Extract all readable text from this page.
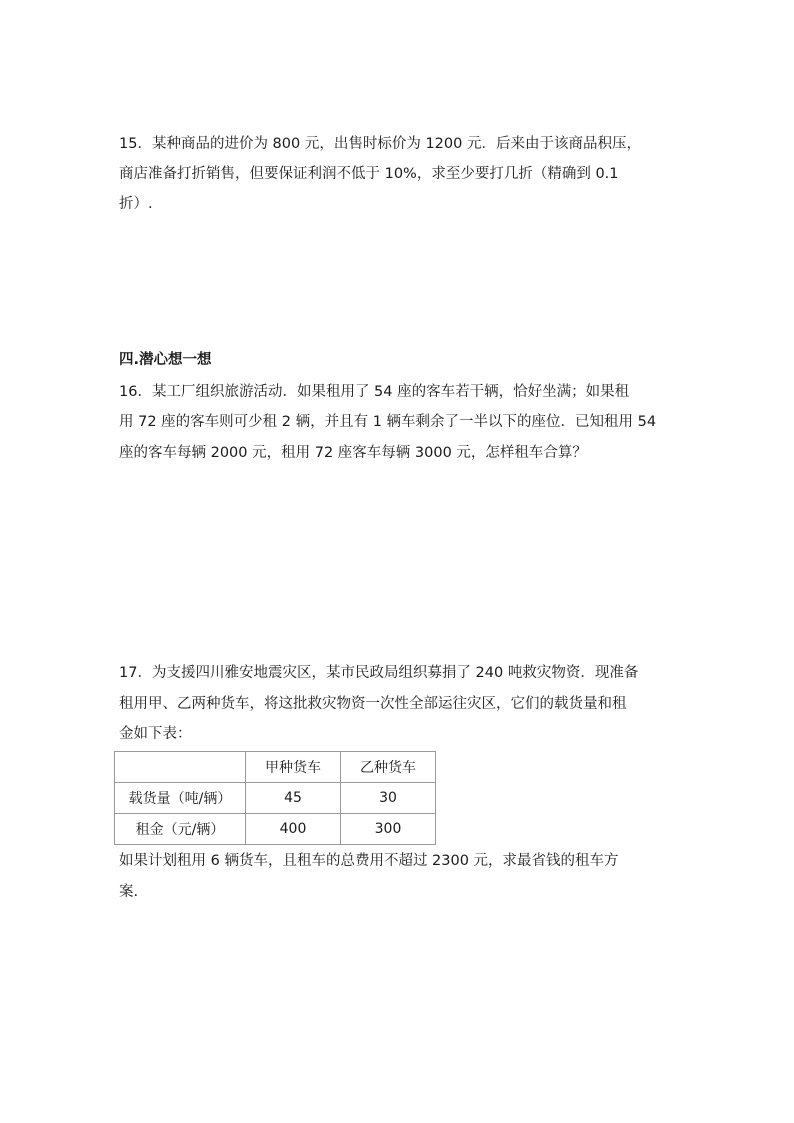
15．某种商品的进价为 800 元，出售时标价为 1200 元．后来由于该商品积压，
商店准备打折销售，但要保证利润不低于 10%，求至少要打几折（精确到 0.1
折）.
四.潜心想一想
16．某工厂组织旅游活动．如果租用了 54 座的客车若干辆，恰好坐满；如果租
用 72 座的客车则可少租 2 辆，并且有 1 辆车剩余了一半以下的座位．已知租用 54
座的客车每辆 2000 元，租用 72 座客车每辆 3000 元，怎样租车合算？
17．为支援四川雅安地震灾区，某市民政局组织募捐了 240 吨救灾物资．现准备
租用甲、乙两种货车，将这批救灾物资一次性全部运往灾区，它们的载货量和租
金如下表：
	甲种货车	乙种货车
载货量（吨/辆）	45	30
租金（元/辆）	400	300
如果计划租用 6 辆货车，且租车的总费用不超过 2300 元，求最省钱的租车方
案.
